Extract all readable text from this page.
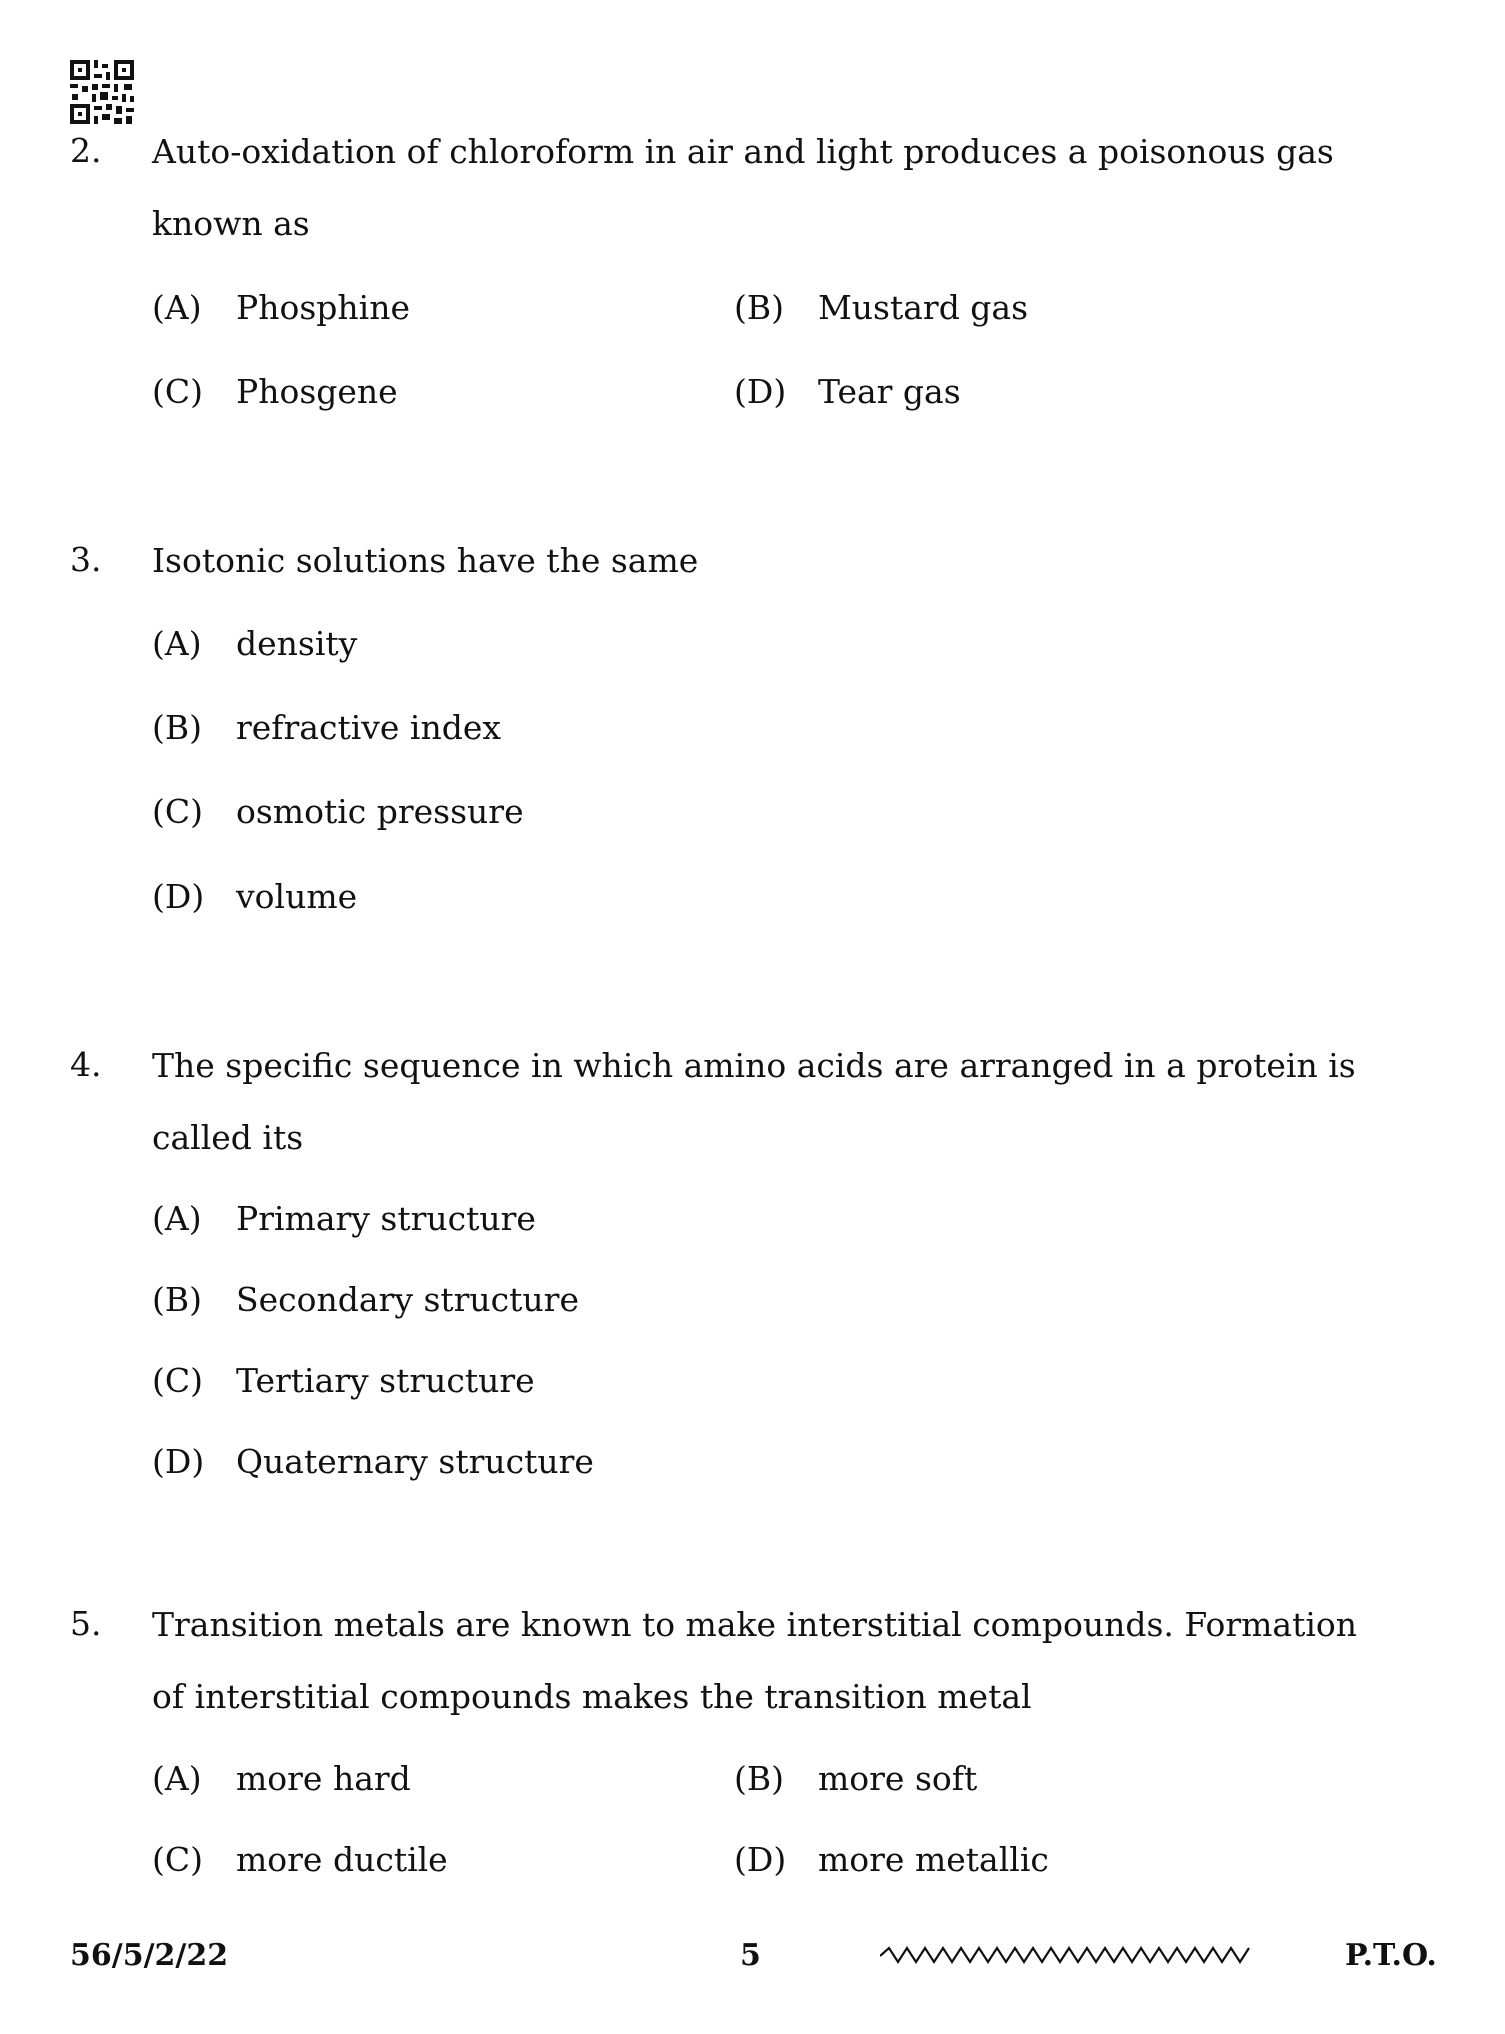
2. Auto-oxidation of chloroform in air and light produces a poisonous gas known as
(A) Phosphine	(B) Mustard gas
(C) Phosgene	(D) Tear gas
3. Isotonic solutions have the same
(A) density
(B) refractive index
(C) osmotic pressure
(D) volume
4. The specific sequence in which amino acids are arranged in a protein is called its
(A) Primary structure
(B) Secondary structure
(C) Tertiary structure
(D) Quaternary structure
5. Transition metals are known to make interstitial compounds. Formation of interstitial compounds makes the transition metal
(A) more hard	(B) more soft
(C) more ductile	(D) more metallic
56/5/2/22	5	P.T.O.
